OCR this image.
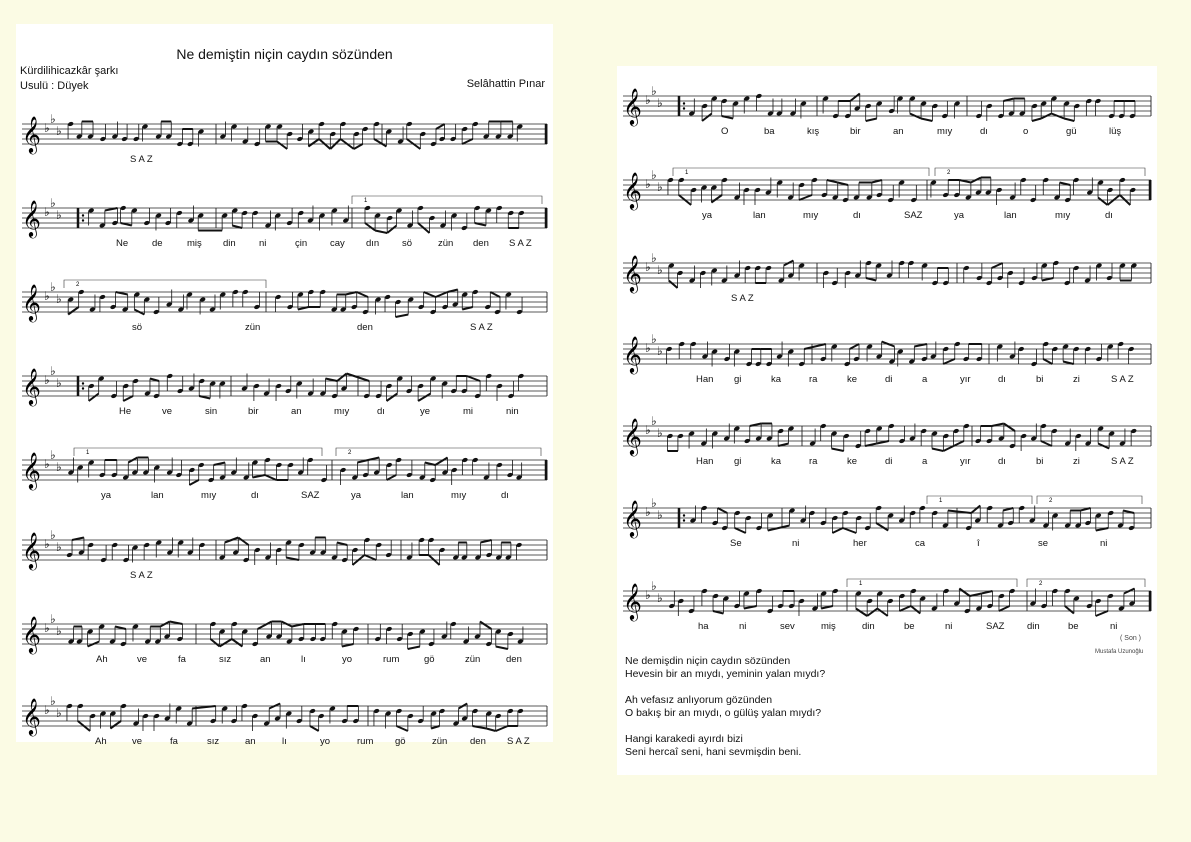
Ne demiştin niçin caydın sözünden
Kürdilihicazkâr şarkı
Usulü : Düyek	Selâhattin Pınar
𝄞 ♭
♭
♭
S A Z
𝄞 ♭
♭
♭
1
Ne	de	miş din ni	çin cay dın sö	zün den S A Z
𝄞 ♭
♭
♭
2
sö	zün	den	S A Z
𝄞 ♭
♭
♭
He	ve	sin	bir	an	mıy	dı	ye	mi	nin
𝄞 ♭
♭
♭
1	2
ya	lan	mıy	dı	SAZ	ya	lan	mıy	dı
𝄞 ♭
♭
♭
S A Z
𝄞 ♭
♭
♭
Ah	ve	fa	sız	an	lı	yo	rum	gö	zün	den
𝄞 ♭
♭
♭
Ah	ve	fa	sız	an	lı	yo	rum gö	zün den S A Z
( Son )
Mustafa Uzunoğlu
Ne demişdin niçin caydın sözünden
Hevesin bir an mıydı, yeminin yalan mıydı?
Ah vefasız anlıyorum gözünden
O bakış bir an mıydı, o gülüş yalan mıydı?
Hangi karakedi ayırdı bizi
Seni hercaî seni, hani sevmişdin beni.
𝄞 ♭
♭
♭
O	ba	kış	bir	an	mıy	dı	o	gü	lüş
𝄞 ♭
♭
♭
1	2
ya	lan	mıy	dı	SAZ	ya	lan	mıy	dı
𝄞 ♭
♭
♭
S A Z
𝄞 ♭
♭
♭
Han gi	ka	ra	ke	di	a	yır	dı	bi	zi	S A Z
𝄞 ♭
♭
♭
Han gi	ka	ra	ke	di	a	yır	dı	bi	zi	S A Z
𝄞 ♭
♭
♭
1	2
Se	ni	her	ca	î	se	ni
𝄞 ♭
♭
♭
1	2
ha	ni	sev	miş	din	be	ni	SAZ din	be	ni
